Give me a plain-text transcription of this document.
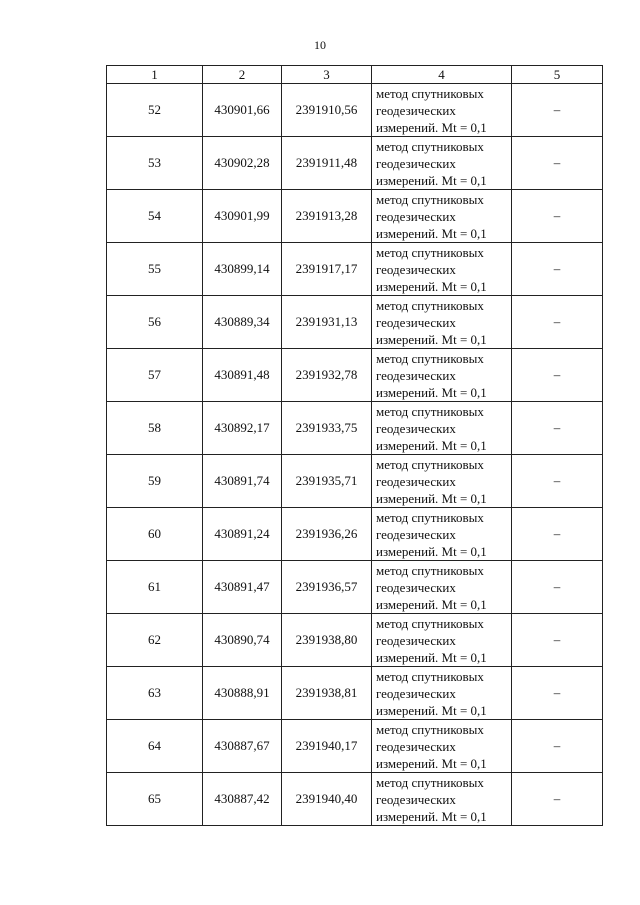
10
1	2	3	4	5
52	430901,66	2391910,56	метод спутниковых
геодезических
измерений. Mt = 0,1	–
53	430902,28	2391911,48	метод спутниковых
геодезических
измерений. Mt = 0,1	–
54	430901,99	2391913,28	метод спутниковых
геодезических
измерений. Mt = 0,1	–
55	430899,14	2391917,17	метод спутниковых
геодезических
измерений. Mt = 0,1	–
56	430889,34	2391931,13	метод спутниковых
геодезических
измерений. Mt = 0,1	–
57	430891,48	2391932,78	метод спутниковых
геодезических
измерений. Mt = 0,1	–
58	430892,17	2391933,75	метод спутниковых
геодезических
измерений. Mt = 0,1	–
59	430891,74	2391935,71	метод спутниковых
геодезических
измерений. Mt = 0,1	–
60	430891,24	2391936,26	метод спутниковых
геодезических
измерений. Mt = 0,1	–
61	430891,47	2391936,57	метод спутниковых
геодезических
измерений. Mt = 0,1	–
62	430890,74	2391938,80	метод спутниковых
геодезических
измерений. Mt = 0,1	–
63	430888,91	2391938,81	метод спутниковых
геодезических
измерений. Mt = 0,1	–
64	430887,67	2391940,17	метод спутниковых
геодезических
измерений. Mt = 0,1	–
65	430887,42	2391940,40	метод спутниковых
геодезических
измерений. Mt = 0,1	–
